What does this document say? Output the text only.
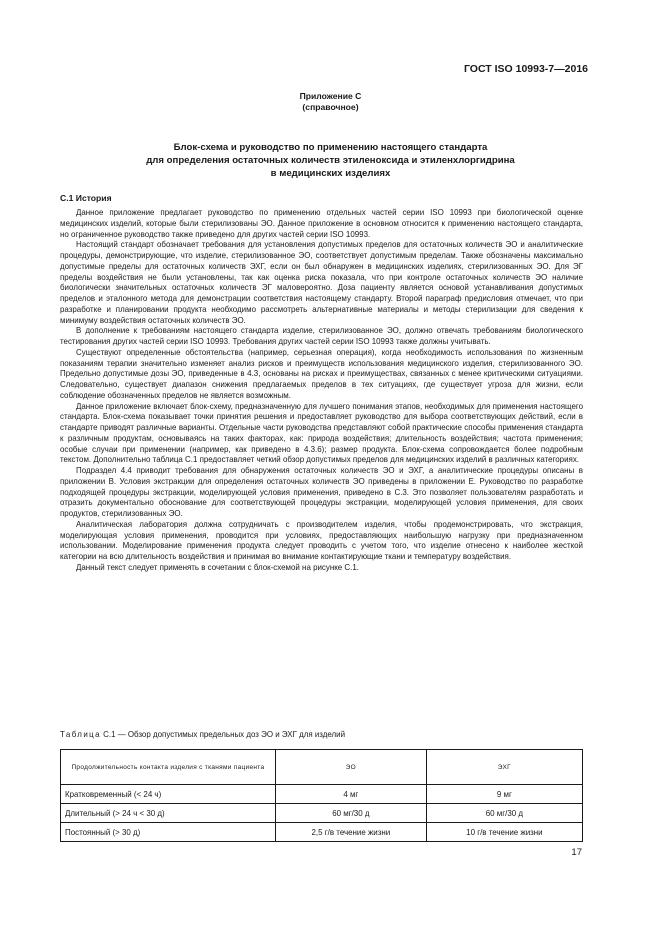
ГОСТ ISO 10993-7—2016
Приложение C
(справочное)
Блок-схема и руководство по применению настоящего стандарта
для определения остаточных количеств этиленоксида и этиленхлоргидрина
в медицинских изделиях
C.1 История

Данное приложение предлагает руководство по применению отдельных частей серии ISO 10993 при биологической оценке медицинских изделий, которые были стерилизованы ЭО. Данное приложение в основном относится к применению настоящего стандарта, но ограниченное руководство также приведено для других частей серии ISO 10993.

Настоящий стандарт обозначает требования для установления допустимых пределов для остаточных количеств ЭО и аналитические процедуры, демонстрирующие, что изделие, стерилизованное ЭО, соответствует допустимым пределам. Также обозначены максимально допустимые пределы для остаточных количеств ЭХГ, если он был обнаружен в медицинских изделиях, стерилизованных ЭО. Для ЭГ пределы воздействия не были установлены, так как оценка риска показала, что при контроле остаточных количеств ЭО наличие биологически значительных остаточных количеств ЭГ маловероятно. Доза пациенту является основой устанавливания допустимых пределов и эталонного метода для демонстрации соответствия настоящему стандарту. Второй параграф предисловия отмечает, что при разработке и планировании продукта необходимо рассмотреть альтернативные материалы и методы стерилизации для сведения к минимуму воздействия остаточных количеств ЭО.

В дополнение к требованиям настоящего стандарта изделие, стерилизованное ЭО, должно отвечать требованиям биологического тестирования других частей серии ISO 10993. Требования других частей серии ISO 10993 также должны учитывать.

Существуют определенные обстоятельства (например, серьезная операция), когда необходимость использования по жизненным показаниям терапии значительно изменяет анализ рисков и преимуществ использования медицинского изделия, стерилизованного ЭО. Предельно допустимые дозы ЭО, приведенные в 4.3, основаны на рисках и преимуществах, связанных с менее критическими ситуациями. Следовательно, существует диапазон снижения предлагаемых пределов в тех ситуациях, где существует угроза для жизни, если соблюдение обозначенных пределов не является возможным.

Данное приложение включает блок-схему, предназначенную для лучшего понимания этапов, необходимых для применения настоящего стандарта. Блок-схема показывает точки принятия решения и предоставляет руководство для выбора соответствующих действий, если в стандарте приводят различные варианты. Отдельные части руководства представляют собой практические способы применения стандарта к различным продуктам, основываясь на таких факторах, как: природа воздействия; длительность воздействия; частота применения; особые случаи при применении (например, как приведено в 4.3.6); размер продукта. Блок-схема сопровождается более подробным текстом. Дополнительно таблица C.1 предоставляет четкий обзор допустимых пределов для медицинских изделий в различных категориях.

Подраздел 4.4 приводит требования для обнаружения остаточных количеств ЭО и ЭХГ, а аналитические процедуры описаны в приложении B. Условия экстракции для определения остаточных количеств ЭО приведены в приложении E. Руководство по разработке подходящей процедуры экстракции, моделирующей условия применения, приведено в C.3. Это позволяет пользователям разработать и отразить документально обоснование для соответствующей процедуры экстракции, моделирующей условия применения, для своих продуктов, стерилизованных ЭО.

Аналитическая лаборатория должна сотрудничать с производителем изделия, чтобы продемонстрировать, что экстракция, моделирующая условия применения, проводится при условиях, предоставляющих наибольшую нагрузку при предназначенном использовании. Моделирование применения продукта следует проводить с учетом того, что изделие отнесено к наиболее жесткой категории на всю длительность воздействия и принимая во внимание контактирующие ткани и температуру воздействия.

Данный текст следует применять в сочетании с блок-схемой на рисунке C.1.

Таблица C.1 — Обзор допустимых предельных доз ЭО и ЭХГ для изделий
Продолжительность контакта изделия с тканями пациента	ЭО	ЭХГ
Кратковременный (< 24 ч)	4 мг	9 мг
Длительный (> 24 ч < 30 д)	60 мг/30 д	60 мг/30 д
Постоянный (> 30 д)	2,5 г/в течение жизни	10 г/в течение жизни
17
